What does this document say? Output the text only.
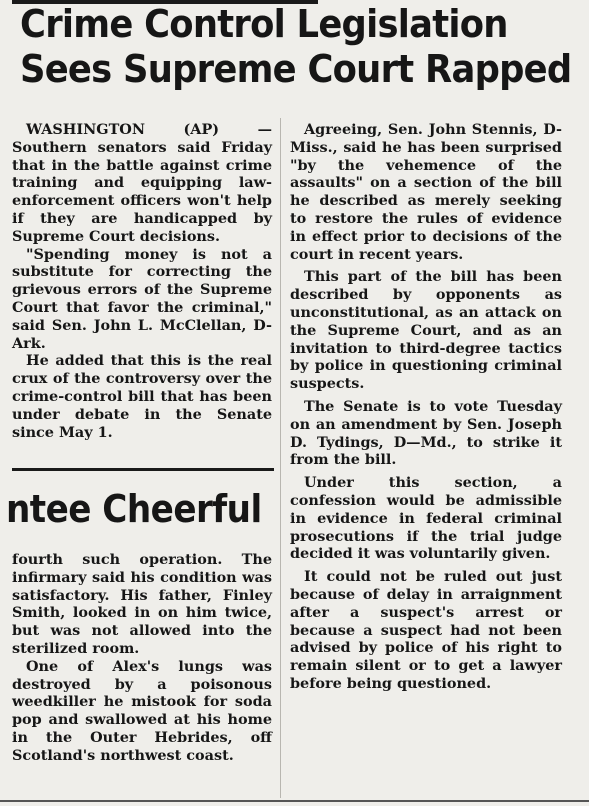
Crime Control Legislation
Sees Supreme Court Rapped

WASHINGTON (AP) — Southern senators said Friday that in the battle against crime training and equipping law-enforcement officers won't help if they are handicapped by Supreme Court decisions.

"Spending money is not a substitute for correcting the grievous errors of the Supreme Court that favor the criminal," said Sen. John L. McClellan, D-Ark.

He added that this is the real crux of the controversy over the crime-control bill that has been under debate in the Senate since May 1.

ntee Cheerful

fourth such operation. The infirmary said his condition was satisfactory. His father, Finley Smith, looked in on him twice, but was not allowed into the sterilized room.

One of Alex's lungs was destroyed by a poisonous weedkiller he mistook for soda pop and swallowed at his home in the Outer Hebrides, off Scotland's northwest coast.

Agreeing, Sen. John Stennis, D-Miss., said he has been surprised "by the vehemence of the assaults" on a section of the bill he described as merely seeking to restore the rules of evidence in effect prior to decisions of the court in recent years.

This part of the bill has been described by opponents as unconstitutional, as an attack on the Supreme Court, and as an invitation to third-degree tactics by police in questioning criminal suspects.

The Senate is to vote Tuesday on an amendment by Sen. Joseph D. Tydings, D—Md., to strike it from the bill.

Under this section, a confession would be admissible in evidence in federal criminal prosecutions if the trial judge decided it was voluntarily given.

It could not be ruled out just because of delay in arraignment after a suspect's arrest or because a suspect had not been advised by police of his right to remain silent or to get a lawyer before being questioned.
